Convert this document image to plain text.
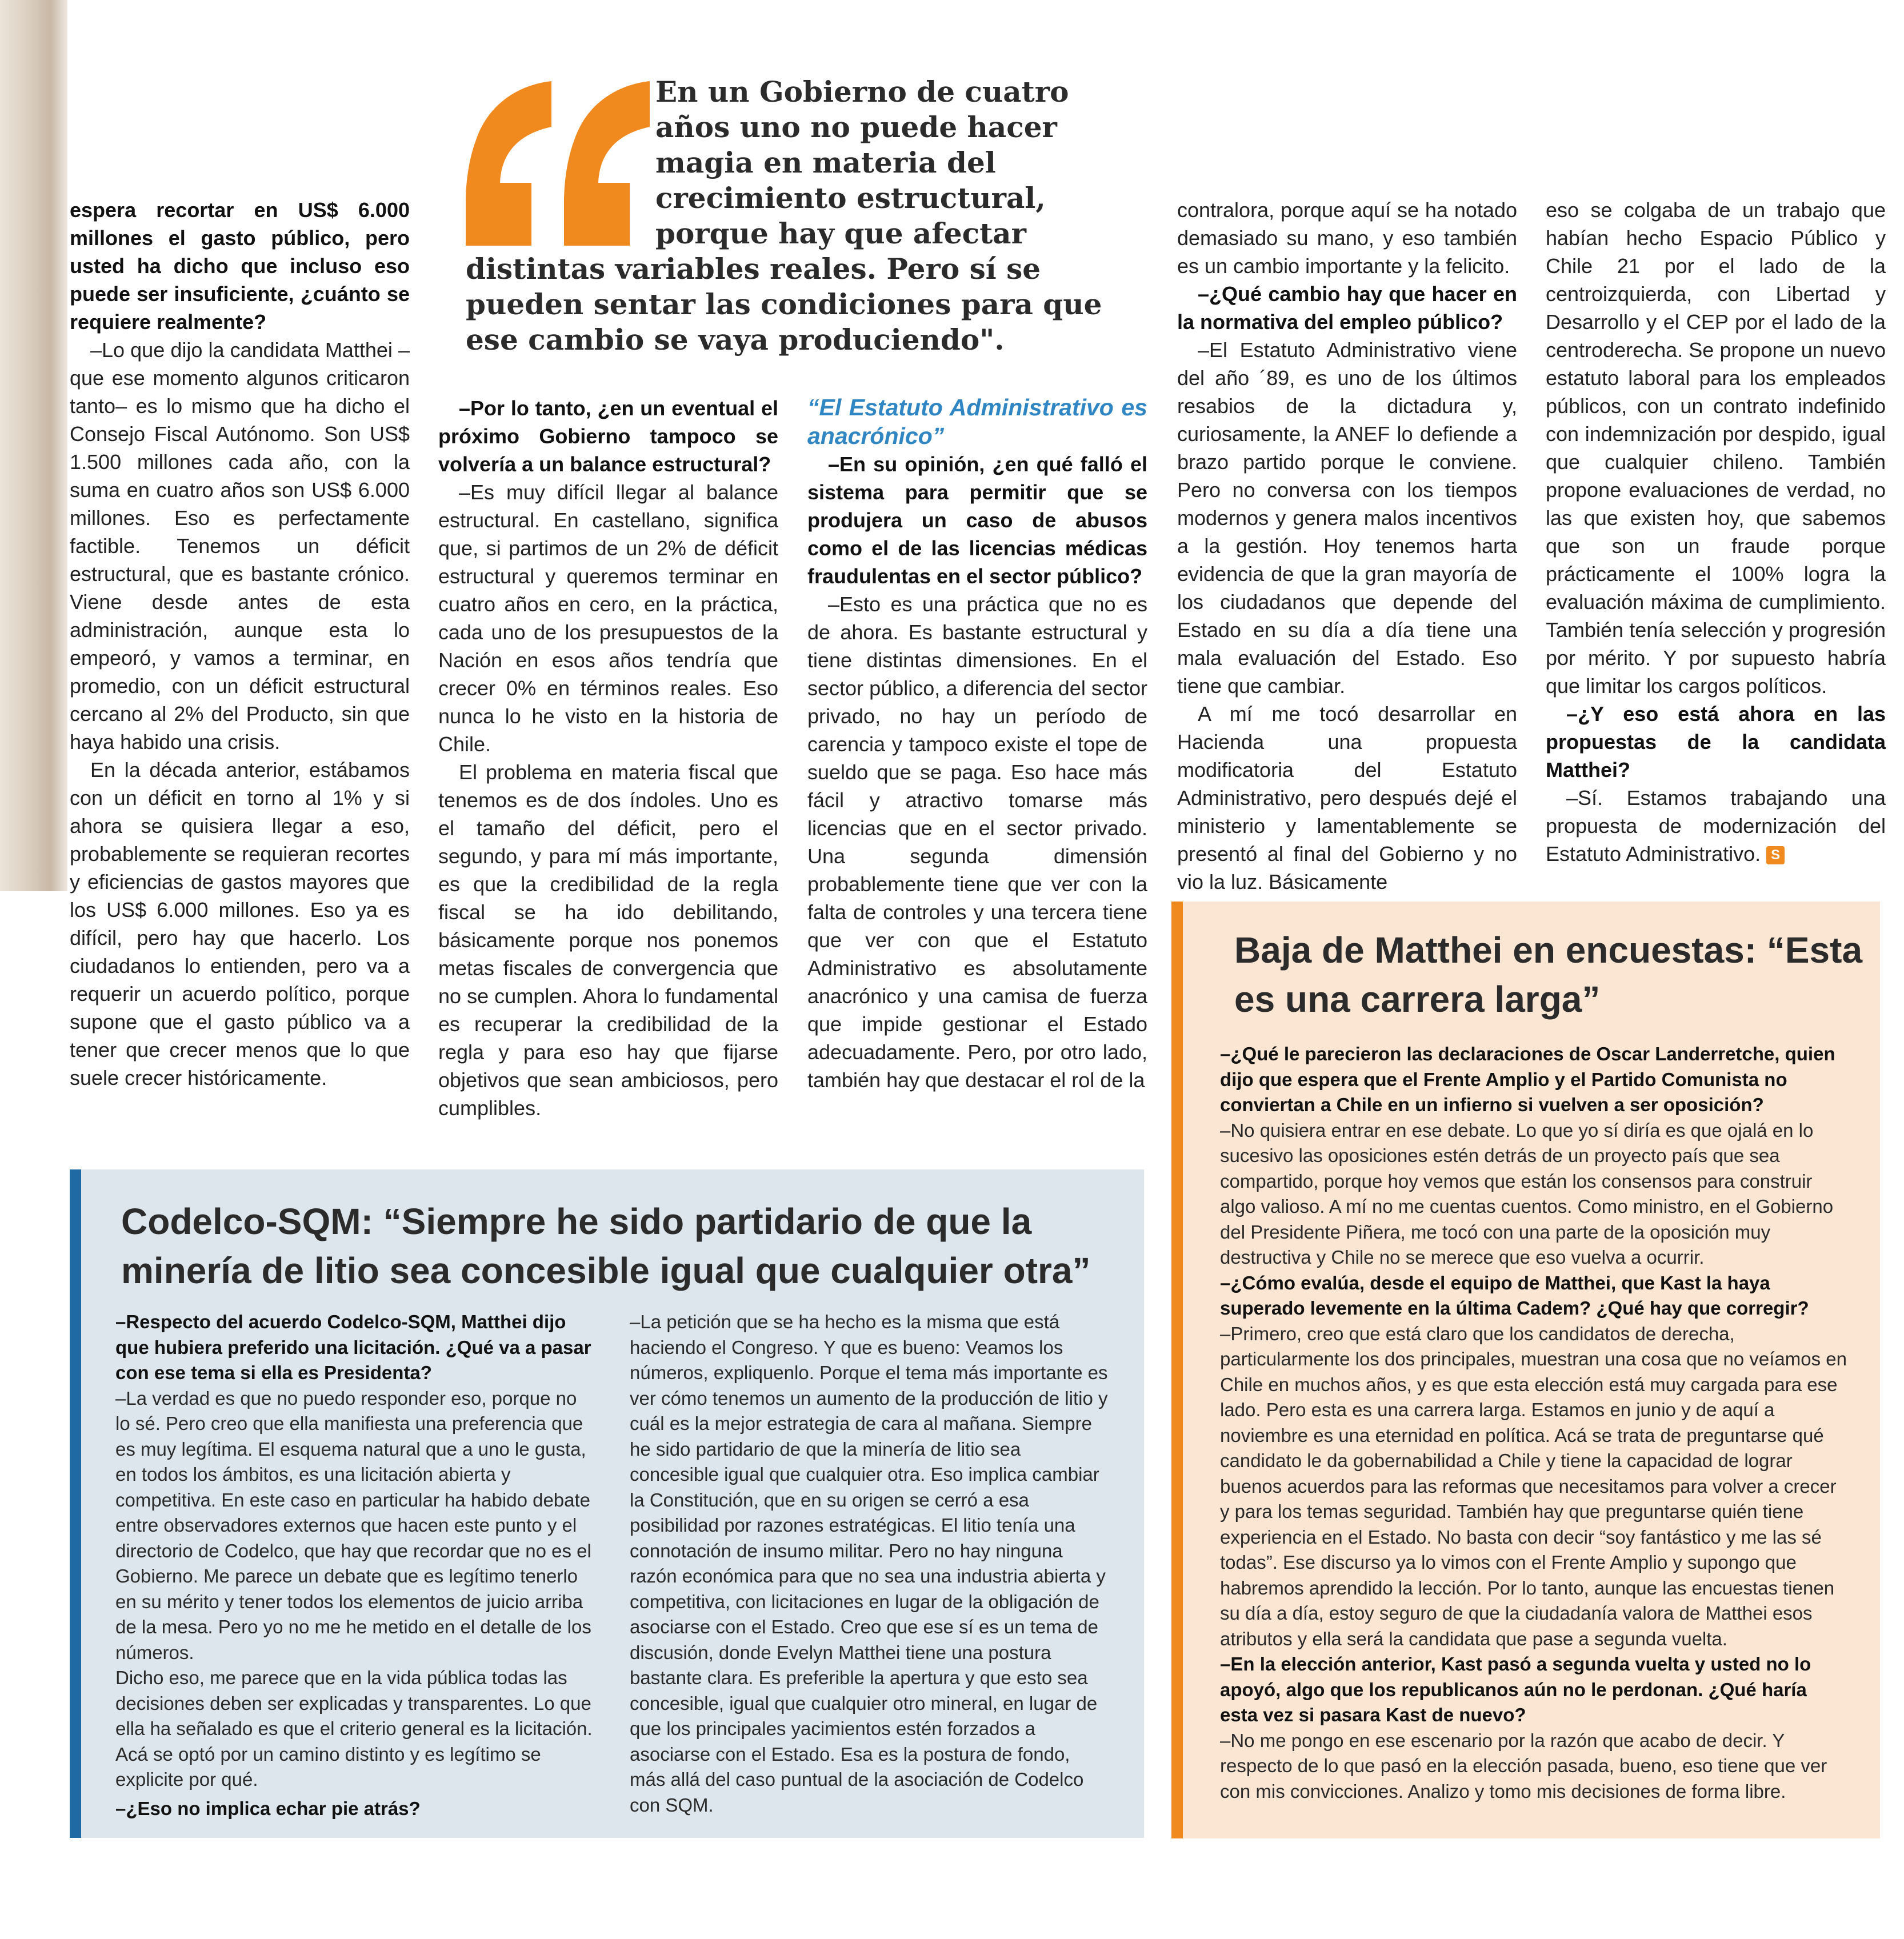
En un Gobierno de cuatro años uno no puede hacer magia en materia del crecimiento estructural, porque hay que afectar distintas variables reales. Pero sí se pueden sentar las condiciones para que ese cambio se vaya produciendo".

espera recortar en US$ 6.000 millones el gasto público, pero usted ha dicho que incluso eso puede ser insuficiente, ¿cuánto se requiere realmente?

–Lo que dijo la candidata Matthei –que ese momento algunos criticaron tanto– es lo mismo que ha dicho el Consejo Fiscal Autónomo. Son US$ 1.500 millones cada año, con la suma en cuatro años son US$ 6.000 millones. Eso es perfectamente factible. Tenemos un déficit estructural, que es bastante crónico. Viene desde antes de esta administración, aunque esta lo empeoró, y vamos a terminar, en promedio, con un déficit estructural cercano al 2% del Producto, sin que haya habido una crisis.

En la década anterior, estábamos con un déficit en torno al 1% y si ahora se quisiera llegar a eso, probablemente se requieran recortes y eficiencias de gastos mayores que los US$ 6.000 millones. Eso ya es difícil, pero hay que hacerlo. Los ciudadanos lo entienden, pero va a requerir un acuerdo político, porque supone que el gasto público va a tener que crecer menos que lo que suele crecer históricamente.

–Por lo tanto, ¿en un eventual el próximo Gobierno tampoco se volvería a un balance estructural?

–Es muy difícil llegar al balance estructural. En castellano, significa que, si partimos de un 2% de déficit estructural y queremos terminar en cuatro años en cero, en la práctica, cada uno de los presupuestos de la Nación en esos años tendría que crecer 0% en términos reales. Eso nunca lo he visto en la historia de Chile.

El problema en materia fiscal que tenemos es de dos índoles. Uno es el tamaño del déficit, pero el segundo, y para mí más importante, es que la credibilidad de la regla fiscal se ha ido debilitando, básicamente porque nos ponemos metas fiscales de convergencia que no se cumplen. Ahora lo fundamental es recuperar la credibilidad de la regla y para eso hay que fijarse objetivos que sean ambiciosos, pero cumplibles.

“El Estatuto Administrativo es anacrónico”

–En su opinión, ¿en qué falló el sistema para permitir que se produjera un caso de abusos como el de las licencias médicas fraudulentas en el sector público?

–Esto es una práctica que no es de ahora. Es bastante estructural y tiene distintas dimensiones. En el sector público, a diferencia del sector privado, no hay un período de carencia y tampoco existe el tope de sueldo que se paga. Eso hace más fácil y atractivo tomarse más licencias que en el sector privado. Una segunda dimensión probablemente tiene que ver con la falta de controles y una tercera tiene que ver con que el Estatuto Administrativo es absolutamente anacrónico y una camisa de fuerza que impide gestionar el Estado adecuadamente. Pero, por otro lado, también hay que destacar el rol de la

contralora, porque aquí se ha notado demasiado su mano, y eso también es un cambio importante y la felicito.

–¿Qué cambio hay que hacer en la normativa del empleo público?

–El Estatuto Administrativo viene del año ´89, es uno de los últimos resabios de la dictadura y, curiosamente, la ANEF lo defiende a brazo partido porque le conviene. Pero no conversa con los tiempos modernos y genera malos incentivos a la gestión. Hoy tenemos harta evidencia de que la gran mayoría de los ciudadanos que depende del Estado en su día a día tiene una mala evaluación del Estado. Eso tiene que cambiar.

A mí me tocó desarrollar en Hacienda una propuesta modificatoria del Estatuto Administrativo, pero después dejé el ministerio y lamentablemente se presentó al final del Gobierno y no vio la luz. Básicamente

eso se colgaba de un trabajo que habían hecho Espacio Público y Chile 21 por el lado de la centroizquierda, con Libertad y Desarrollo y el CEP por el lado de la centroderecha. Se propone un nuevo estatuto laboral para los empleados públicos, con un contrato indefinido con indemnización por despido, igual que cualquier chileno. También propone evaluaciones de verdad, no las que existen hoy, que sabemos que son un fraude porque prácticamente el 100% logra la evaluación máxima de cumplimiento. También tenía selección y progresión por mérito. Y por supuesto habría que limitar los cargos políticos.

–¿Y eso está ahora en las propuestas de la candidata Matthei?

–Sí. Estamos trabajando una propuesta de modernización del Estatuto Administrativo. S

Codelco-SQM: “Siempre he sido partidario de que la minería de litio sea concesible igual que cualquier otra”

–Respecto del acuerdo Codelco-SQM, Matthei dijo que hubiera preferido una licitación. ¿Qué va a pasar con ese tema si ella es Presidenta?

–La verdad es que no puedo responder eso, porque no lo sé. Pero creo que ella manifiesta una preferencia que es muy legítima. El esquema natural que a uno le gusta, en todos los ámbitos, es una licitación abierta y competitiva. En este caso en particular ha habido debate entre observadores externos que hacen este punto y el directorio de Codelco, que hay que recordar que no es el Gobierno. Me parece un debate que es legítimo tenerlo en su mérito y tener todos los elementos de juicio arriba de la mesa. Pero yo no me he metido en el detalle de los números.

Dicho eso, me parece que en la vida pública todas las decisiones deben ser explicadas y transparentes. Lo que ella ha señalado es que el criterio general es la licitación. Acá se optó por un camino distinto y es legítimo se explicite por qué.

–¿Eso no implica echar pie atrás?

–La petición que se ha hecho es la misma que está haciendo el Congreso. Y que es bueno: Veamos los números, expliquenlo. Porque el tema más importante es ver cómo tenemos un aumento de la producción de litio y cuál es la mejor estrategia de cara al mañana. Siempre he sido partidario de que la minería de litio sea concesible igual que cualquier otra. Eso implica cambiar la Constitución, que en su origen se cerró a esa posibilidad por razones estratégicas. El litio tenía una connotación de insumo militar. Pero no hay ninguna razón económica para que no sea una industria abierta y competitiva, con licitaciones en lugar de la obligación de asociarse con el Estado. Creo que ese sí es un tema de discusión, donde Evelyn Matthei tiene una postura bastante clara. Es preferible la apertura y que esto sea concesible, igual que cualquier otro mineral, en lugar de que los principales yacimientos estén forzados a asociarse con el Estado. Esa es la postura de fondo, más allá del caso puntual de la asociación de Codelco con SQM.

Baja de Matthei en encuestas: “Esta es una carrera larga”

–¿Qué le parecieron las declaraciones de Oscar Landerretche, quien dijo que espera que el Frente Amplio y el Partido Comunista no conviertan a Chile en un infierno si vuelven a ser oposición?

–No quisiera entrar en ese debate. Lo que yo sí diría es que ojalá en lo sucesivo las oposiciones estén detrás de un proyecto país que sea compartido, porque hoy vemos que están los consensos para construir algo valioso. A mí no me cuentas cuentos. Como ministro, en el Gobierno del Presidente Piñera, me tocó con una parte de la oposición muy destructiva y Chile no se merece que eso vuelva a ocurrir.

–¿Cómo evalúa, desde el equipo de Matthei, que Kast la haya superado levemente en la última Cadem? ¿Qué hay que corregir?

–Primero, creo que está claro que los candidatos de derecha, particularmente los dos principales, muestran una cosa que no veíamos en Chile en muchos años, y es que esta elección está muy cargada para ese lado. Pero esta es una carrera larga. Estamos en junio y de aquí a noviembre es una eternidad en política. Acá se trata de preguntarse qué candidato le da gobernabilidad a Chile y tiene la capacidad de lograr buenos acuerdos para las reformas que necesitamos para volver a crecer y para los temas seguridad. También hay que preguntarse quién tiene experiencia en el Estado. No basta con decir “soy fantástico y me las sé todas”. Ese discurso ya lo vimos con el Frente Amplio y supongo que habremos aprendido la lección. Por lo tanto, aunque las encuestas tienen su día a día, estoy seguro de que la ciudadanía valora de Matthei esos atributos y ella será la candidata que pase a segunda vuelta.

–En la elección anterior, Kast pasó a segunda vuelta y usted no lo apoyó, algo que los republicanos aún no le perdonan. ¿Qué haría esta vez si pasara Kast de nuevo?

–No me pongo en ese escenario por la razón que acabo de decir. Y respecto de lo que pasó en la elección pasada, bueno, eso tiene que ver con mis convicciones. Analizo y tomo mis decisiones de forma libre.
